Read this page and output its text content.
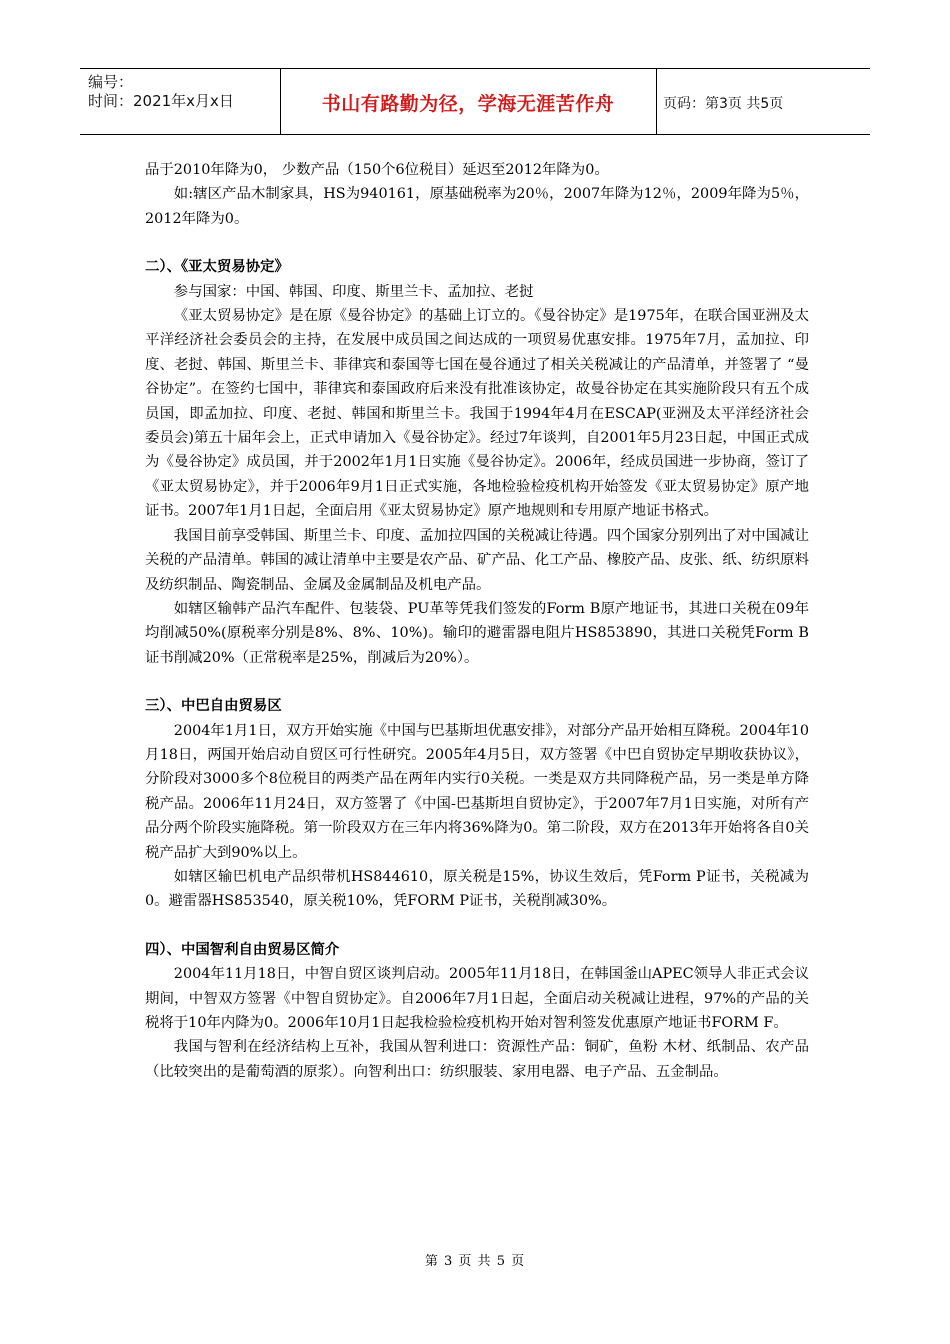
编号：
时间：2021年x月x日	书山有路勤为径，学海无涯苦作舟	页码：第3页 共5页

品于2010年降为0， 少数产品（150个6位税目）延迟至2012年降为0。

如:辖区产品木制家具，HS为940161，原基础税率为20％，2007年降为12％，2009年降为5％，2012年降为0。

二）、《亚太贸易协定》

参与国家：中国、韩国、印度、斯里兰卡、孟加拉、老挝

《亚太贸易协定》是在原《曼谷协定》的基础上订立的。《曼谷协定》是1975年，在联合国亚洲及太平洋经济社会委员会的主持，在发展中成员国之间达成的一项贸易优惠安排。1975年7月，孟加拉、印度、老挝、韩国、斯里兰卡、菲律宾和泰国等七国在曼谷通过了相关关税减让的产品清单，并签署了 “曼谷协定”。在签约七国中，菲律宾和泰国政府后来没有批准该协定，故曼谷协定在其实施阶段只有五个成员国，即孟加拉、印度、老挝、韩国和斯里兰卡。我国于1994年4月在ESCAP(亚洲及太平洋经济社会委员会)第五十届年会上，正式申请加入《曼谷协定》。经过7年谈判，自2001年5月23日起，中国正式成为《曼谷协定》成员国，并于2002年1月1日实施《曼谷协定》。2006年，经成员国进一步协商，签订了《亚太贸易协定》，并于2006年9月1日正式实施，各地检验检疫机构开始签发《亚太贸易协定》原产地证书。2007年1月1日起，全面启用《亚太贸易协定》原产地规则和专用原产地证书格式。

我国目前享受韩国、斯里兰卡、印度、孟加拉四国的关税减让待遇。四个国家分别列出了对中国减让关税的产品清单。韩国的减让清单中主要是农产品、矿产品、化工产品、橡胶产品、皮张、纸、纺织原料及纺织制品、陶瓷制品、金属及金属制品及机电产品。

如辖区输韩产品汽车配件、包装袋、PU革等凭我们签发的Form B原产地证书，其进口关税在09年均削减50%(原税率分别是8%、8%、10%)。输印的避雷器电阻片HS853890，其进口关税凭Form B证书削减20%（正常税率是25%，削减后为20%）。

三）、中巴自由贸易区

2004年1月1日，双方开始实施《中国与巴基斯坦优惠安排》，对部分产品开始相互降税。2004年10月18日，两国开始启动自贸区可行性研究。2005年4月5日，双方签署《中巴自贸协定早期收获协议》，分阶段对3000多个8位税目的两类产品在两年内实行0关税。一类是双方共同降税产品，另一类是单方降税产品。2006年11月24日，双方签署了《中国-巴基斯坦自贸协定》，于2007年7月1日实施，对所有产品分两个阶段实施降税。第一阶段双方在三年内将36%降为0。第二阶段，双方在2013年开始将各自0关税产品扩大到90%以上。

如辖区输巴机电产品织带机HS844610，原关税是15%，协议生效后，凭Form P证书，关税减为0。避雷器HS853540，原关税10%，凭FORM P证书，关税削减30%。

四）、中国智利自由贸易区简介

2004年11月18日，中智自贸区谈判启动。2005年11月18日，在韩国釜山APEC领导人非正式会议期间，中智双方签署《中智自贸协定》。自2006年7月1日起，全面启动关税减让进程，97%的产品的关税将于10年内降为0。2006年10月1日起我检验检疫机构开始对智利签发优惠原产地证书FORM F。

我国与智利在经济结构上互补，我国从智利进口：资源性产品：铜矿，鱼粉 木材、纸制品、农产品（比较突出的是葡萄酒的原浆）。向智利出口：纺织服装、家用电器、电子产品、五金制品。

第 3 页 共 5 页
